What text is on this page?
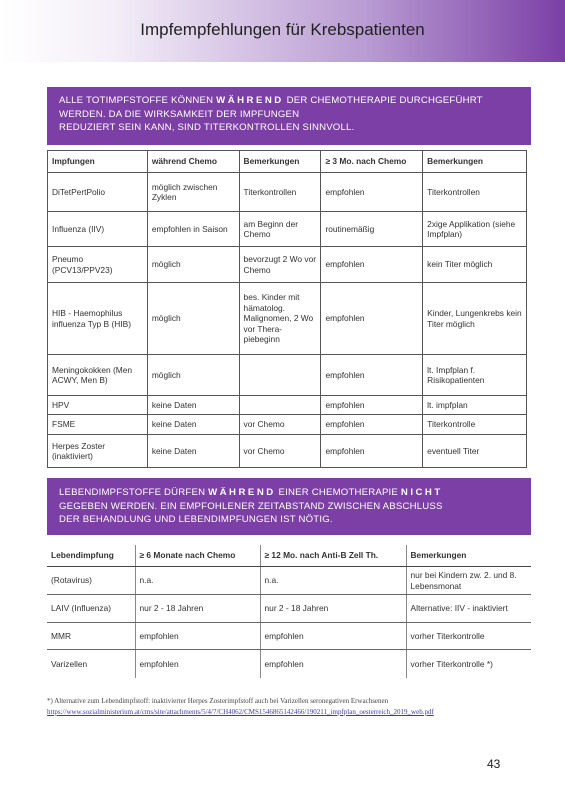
Impfempfehlungen für Krebspatienten
ALLE TOTIMPFSTOFFE KÖNNEN WÄHREND DER CHEMOTHERAPIE DURCHGEFÜHRT
WERDEN. DA DIE WIRKSAMKEIT DER IMPFUNGEN
REDUZIERT SEIN KANN, SIND TITERKONTROLLEN SINNVOLL.
Impfungen	während Chemo	Bemerkungen	≥ 3 Mo. nach Chemo	Bemerkungen
DiTetPertPolio	möglich zwischen Zyklen	Titerkontrollen	empfohlen	Titerkontrollen
Influenza (IIV)	empfohlen in Saison	am Beginn der Chemo	routinemäßig	2xige Applikation (siehe Impfplan)
Pneumo (PCV13/PPV23)	möglich	bevorzugt 2 Wo vor Chemo	empfohlen	kein Titer möglich
HIB - Haemophilus influenza Typ B (HIB)	möglich	bes. Kinder mit hämatolog. Malignomen, 2 Wo vor Thera-piebeginn	empfohlen	Kinder, Lungenkrebs kein Titer möglich
Meningokokken (Men ACWY, Men B)	möglich		empfohlen	lt. Impfplan f. Risikopatienten
HPV	keine Daten		empfohlen	lt. impfplan
FSME	keine Daten	vor Chemo	empfohlen	Titerkontrolle
Herpes Zoster (inaktiviert)	keine Daten	vor Chemo	empfohlen	eventuell Titer
LEBENDIMPFSTOFFE DÜRFEN WÄHREND EINER CHEMOTHERAPIE NICHT
GEGEBEN WERDEN. EIN EMPFOHLENER ZEITABSTAND ZWISCHEN ABSCHLUSS
DER BEHANDLUNG UND LEBENDIMPFUNGEN IST NÖTIG.
Lebendimpfung	≥ 6 Monate nach Chemo	≥ 12 Mo. nach Anti-B Zell Th.	Bemerkungen
(Rotavirus)	n.a.	n.a.	nur bei Kindern zw. 2. und 8. Lebensmonat
LAIV (Influenza)	nur 2 - 18 Jahren	nur 2 - 18 Jahren	Alternative: IIV - inaktiviert
MMR	empfohlen	empfohlen	vorher Titerkontrolle
Varizellen	empfohlen	empfohlen	vorher Titerkontrolle *)
*) Alternative zum Lebendimpfstoff: inaktivierter Herpes Zosterimpfstoff auch bei Varizellen seronegativen Erwachsenen
https://www.sozialministerium.at/cms/site/attachments/5/4/7/CH4062/CMS1546865142466/190211_impfplan_oesterreich_2019_web.pdf
43
